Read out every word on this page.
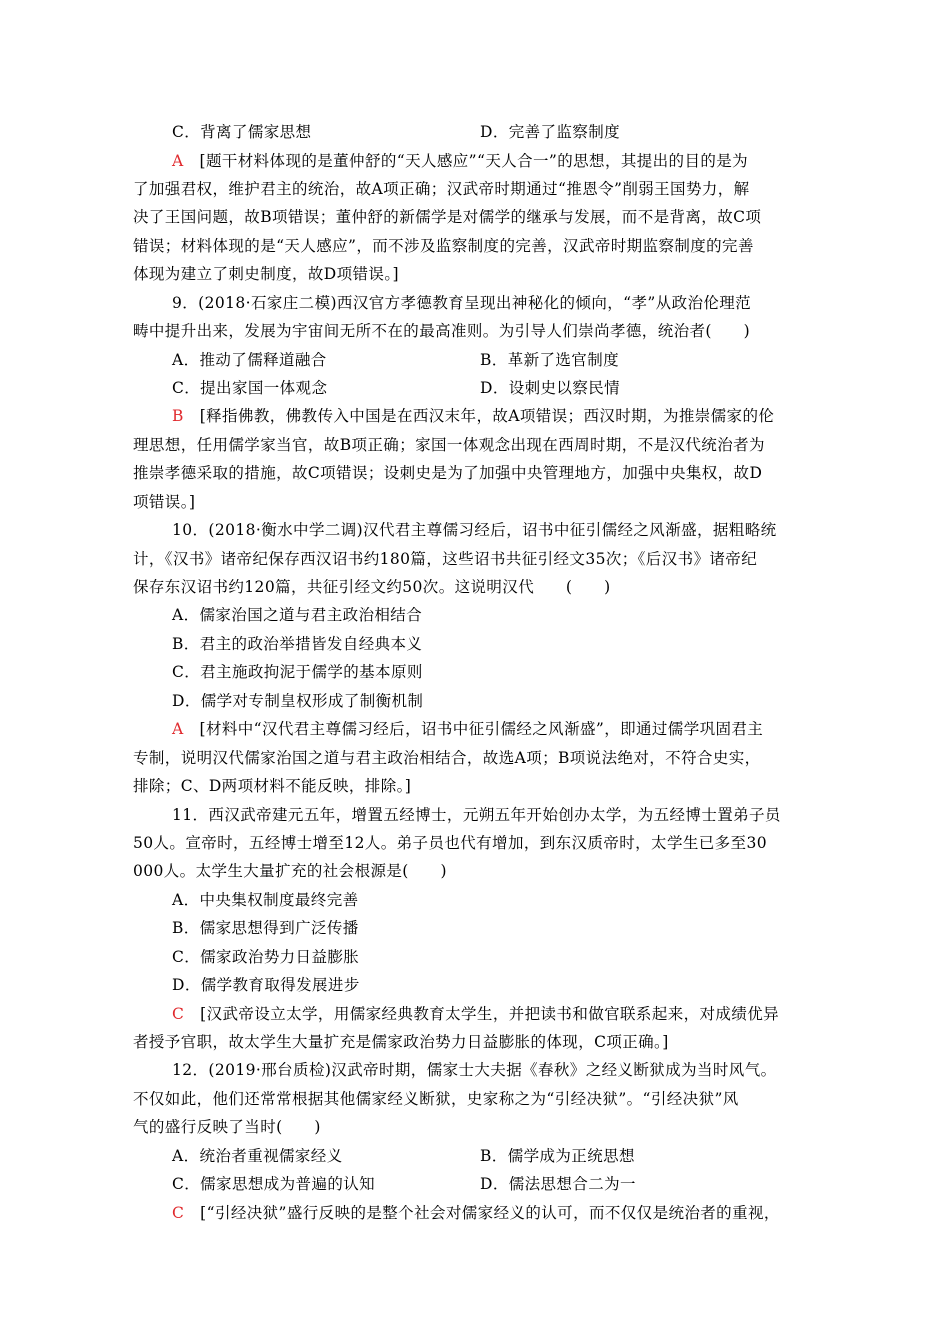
C．背离了儒家思想	D．完善了监察制度
A　 [题干材料体现的是董仲舒的“天人感应”“天人合一”的思想，其提出的目的是为
了加强君权，维护君主的统治，故A项正确；汉武帝时期通过“推恩令”削弱王国势力，解
决了王国问题，故B项错误；董仲舒的新儒学是对儒学的继承与发展，而不是背离，故C项
错误；材料体现的是“天人感应”，而不涉及监察制度的完善，汉武帝时期监察制度的完善
体现为建立了刺史制度，故D项错误。]
9．(2018·石家庄二模)西汉官方孝德教育呈现出神秘化的倾向，“孝”从政治伦理范
畴中提升出来，发展为宇宙间无所不在的最高准则。为引导人们崇尚孝德，统治者(　　)
A．推动了儒释道融合	B．革新了选官制度
C．提出家国一体观念	D．设刺史以察民情
B　 [释指佛教，佛教传入中国是在西汉末年，故A项错误；西汉时期，为推崇儒家的伦
理思想，任用儒学家当官，故B项正确；家国一体观念出现在西周时期，不是汉代统治者为
推崇孝德采取的措施，故C项错误；设刺史是为了加强中央管理地方，加强中央集权，故D
项错误。]
10．(2018·衡水中学二调)汉代君主尊儒习经后，诏书中征引儒经之风渐盛，据粗略统
计，《汉书》诸帝纪保存西汉诏书约180篇，这些诏书共征引经文35次；《后汉书》诸帝纪
保存东汉诏书约120篇，共征引经文约50次。这说明汉代　　(　　)
A．儒家治国之道与君主政治相结合
B．君主的政治举措皆发自经典本义
C．君主施政拘泥于儒学的基本原则
D．儒学对专制皇权形成了制衡机制
A　 [材料中“汉代君主尊儒习经后，诏书中征引儒经之风渐盛”，即通过儒学巩固君主
专制，说明汉代儒家治国之道与君主政治相结合，故选A项；B项说法绝对，不符合史实，
排除；C、D两项材料不能反映，排除。]
11．西汉武帝建元五年，增置五经博士，元朔五年开始创办太学，为五经博士置弟子员
50人。宣帝时，五经博士增至12人。弟子员也代有增加，到东汉质帝时，太学生已多至30
000人。太学生大量扩充的社会根源是(　　)
A．中央集权制度最终完善
B．儒家思想得到广泛传播
C．儒家政治势力日益膨胀
D．儒学教育取得发展进步
C　 [汉武帝设立太学，用儒家经典教育太学生，并把读书和做官联系起来，对成绩优异
者授予官职，故太学生大量扩充是儒家政治势力日益膨胀的体现，C项正确。]
12．(2019·邢台质检)汉武帝时期，儒家士大夫据《春秋》之经义断狱成为当时风气。
不仅如此，他们还常常根据其他儒家经义断狱，史家称之为“引经决狱”。“引经决狱”风
气的盛行反映了当时(　　)
A．统治者重视儒家经义	B．儒学成为正统思想
C．儒家思想成为普遍的认知	D．儒法思想合二为一
C　 [“引经决狱”盛行反映的是整个社会对儒家经义的认可，而不仅仅是统治者的重视，
